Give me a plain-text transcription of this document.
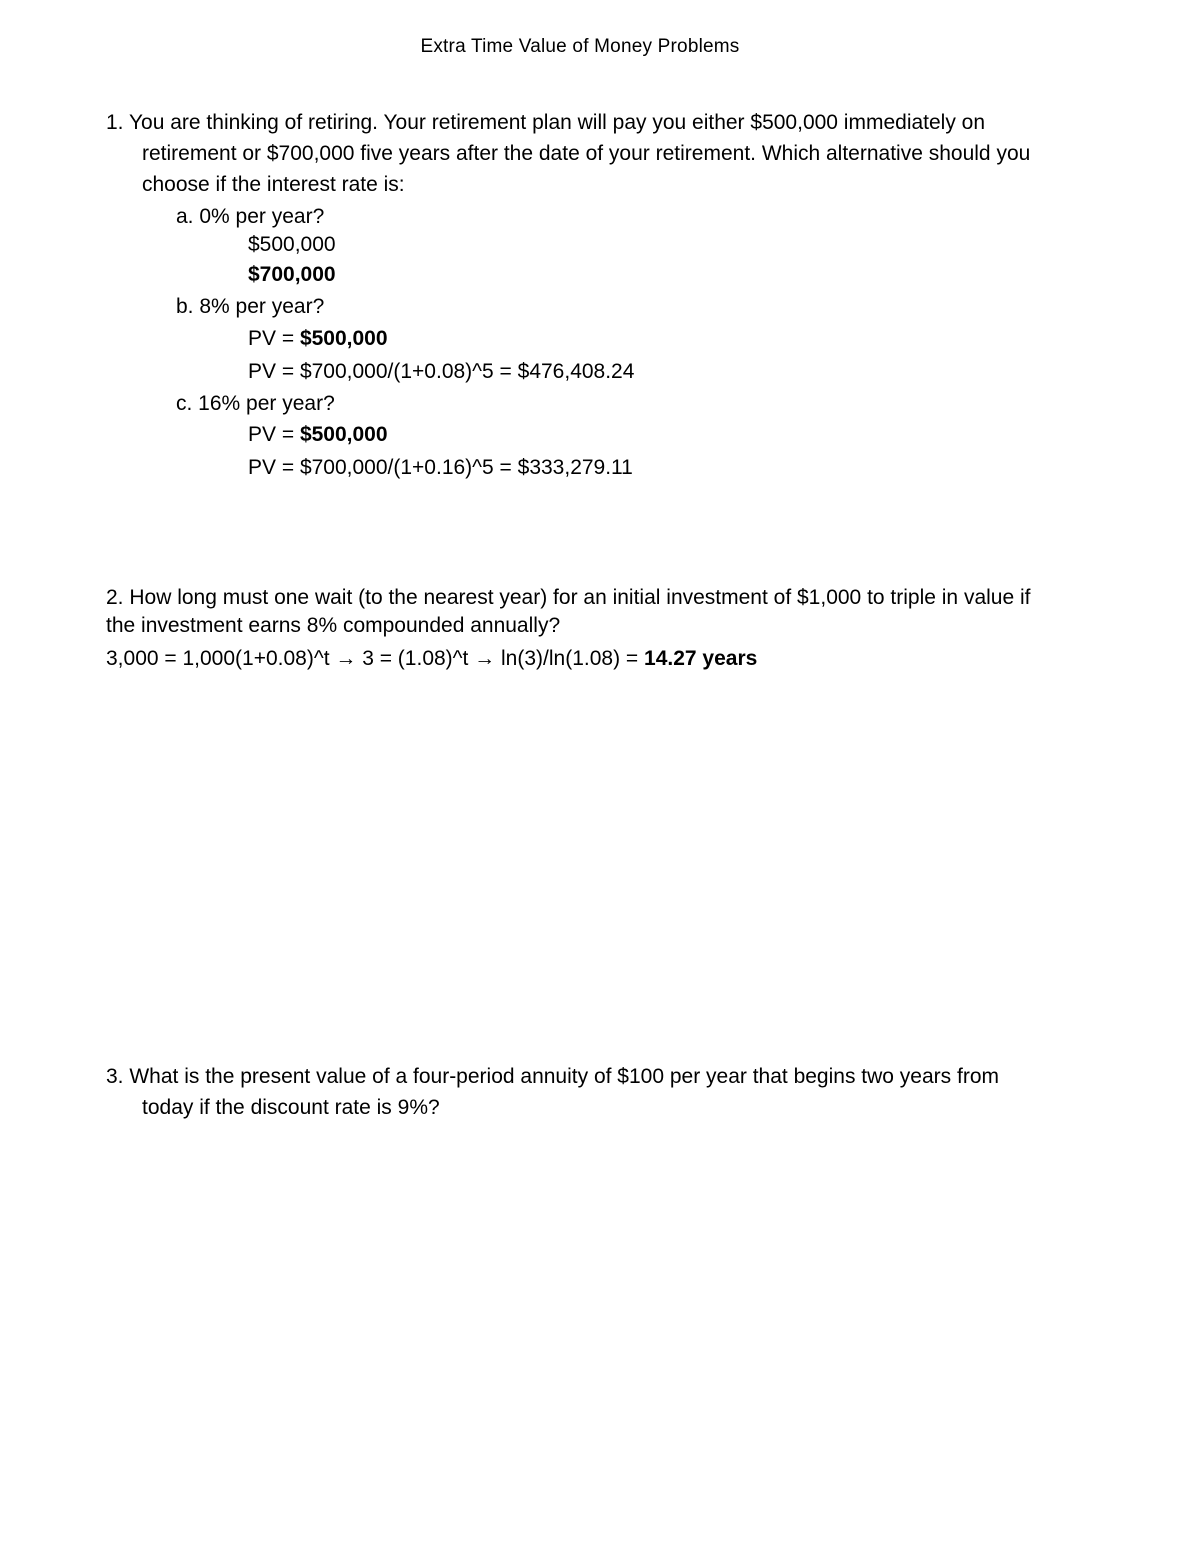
Extra Time Value of Money Problems
1. You are thinking of retiring. Your retirement plan will pay you either $500,000 immediately on
retirement or $700,000 five years after the date of your retirement. Which alternative should you
choose if the interest rate is:
a. 0% per year?
$500,000
$700,000
b. 8% per year?
PV = $500,000
PV = $700,000/(1+0.08)^5 = $476,408.24
c. 16% per year?
PV = $500,000
PV = $700,000/(1+0.16)^5 = $333,279.11
2. How long must one wait (to the nearest year) for an initial investment of $1,000 to triple in value if
the investment earns 8% compounded annually?
3,000 = 1,000(1+0.08)^t → 3 = (1.08)^t → ln(3)/ln(1.08) = 14.27 years
3. What is the present value of a four-period annuity of $100 per year that begins two years from
today if the discount rate is 9%?
